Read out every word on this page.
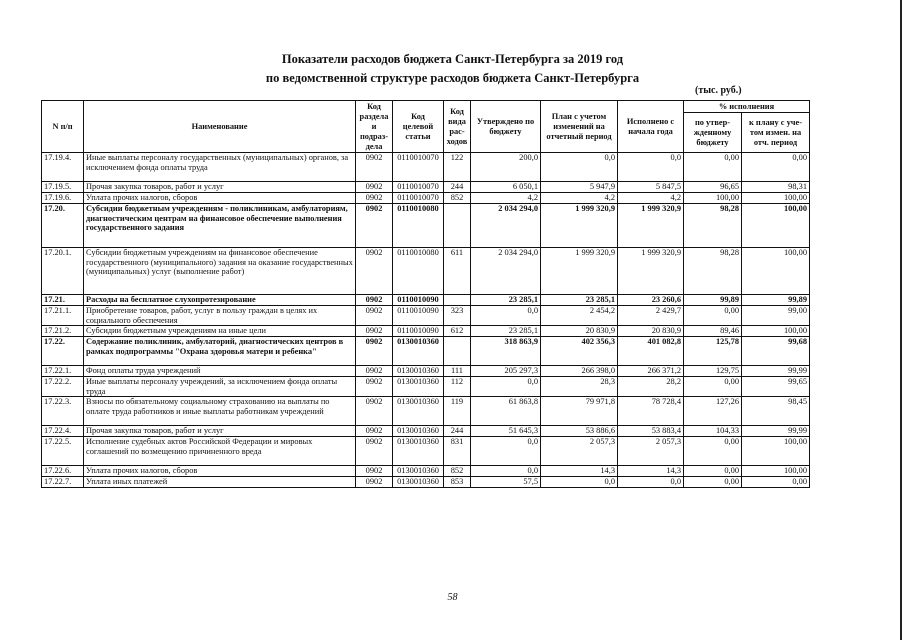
Показатели расходов бюджета Санкт-Петербурга за 2019 год
по ведомственной структуре расходов бюджета Санкт-Петербурга
(тыс. руб.)
N п/п	Наименование	Код раздела и подраз-дела	Код целевой статьи	Код вида рас-ходов	Утверждено по бюджету	План с учетом изменений на отчетный период	Исполнено с начала года	% исполнения	
								по утвер-жденному бюджету	к плану с уче-том измен. на отч. период
17.19.4.	Иные выплаты персоналу государственных (муниципальных) органов, за исключением фонда оплаты труда	0902	0110010070	122	200,0	0,0	0,0	0,00	0,00
17.19.5.	Прочая закупка товаров, работ и услуг	0902	0110010070	244	6 050,1	5 947,9	5 847,5	96,65	98,31
17.19.6.	Уплата прочих налогов, сборов	0902	0110010070	852	4,2	4,2	4,2	100,00	100,00
17.20.	Субсидии бюджетным учреждениям - поликлиникам, амбулаториям, диагностическим центрам на финансовое обеспечение выполнения государственного задания	0902	0110010080		2 034 294,0	1 999 320,9	1 999 320,9	98,28	100,00
17.20.1.	Субсидии бюджетным учреждениям на финансовое обеспечение государственного (муниципального) задания на оказание государственных (муниципальных) услуг (выполнение работ)	0902	0110010080	611	2 034 294,0	1 999 320,9	1 999 320,9	98,28	100,00
17.21.	Расходы на бесплатное слухопротезирование	0902	0110010090		23 285,1	23 285,1	23 260,6	99,89	99,89
17.21.1.	Приобретение товаров, работ, услуг в пользу граждан в целях их социального обеспечения	0902	0110010090	323	0,0	2 454,2	2 429,7	0,00	99,00
17.21.2.	Субсидии бюджетным учреждениям на иные цели	0902	0110010090	612	23 285,1	20 830,9	20 830,9	89,46	100,00
17.22.	Содержание поликлиник, амбулаторий, диагностических центров в рамках подпрограммы "Охрана здоровья матери и ребенка"	0902	0130010360		318 863,9	402 356,3	401 082,8	125,78	99,68
17.22.1.	Фонд оплаты труда учреждений	0902	0130010360	111	205 297,3	266 398,0	266 371,2	129,75	99,99
17.22.2.	Иные выплаты персоналу учреждений, за исключением фонда оплаты труда	0902	0130010360	112	0,0	28,3	28,2	0,00	99,65
17.22.3.	Взносы по обязательному социальному страхованию на выплаты по оплате труда работников и иные выплаты работникам учреждений	0902	0130010360	119	61 863,8	79 971,8	78 728,4	127,26	98,45
17.22.4.	Прочая закупка товаров, работ и услуг	0902	0130010360	244	51 645,3	53 886,6	53 883,4	104,33	99,99
17.22.5.	Исполнение судебных актов Российской Федерации и мировых соглашений по возмещению причиненного вреда	0902	0130010360	831	0,0	2 057,3	2 057,3	0,00	100,00
17.22.6.	Уплата прочих налогов, сборов	0902	0130010360	852	0,0	14,3	14,3	0,00	100,00
17.22.7.	Уплата иных платежей	0902	0130010360	853	57,5	0,0	0,0	0,00	0,00
58
